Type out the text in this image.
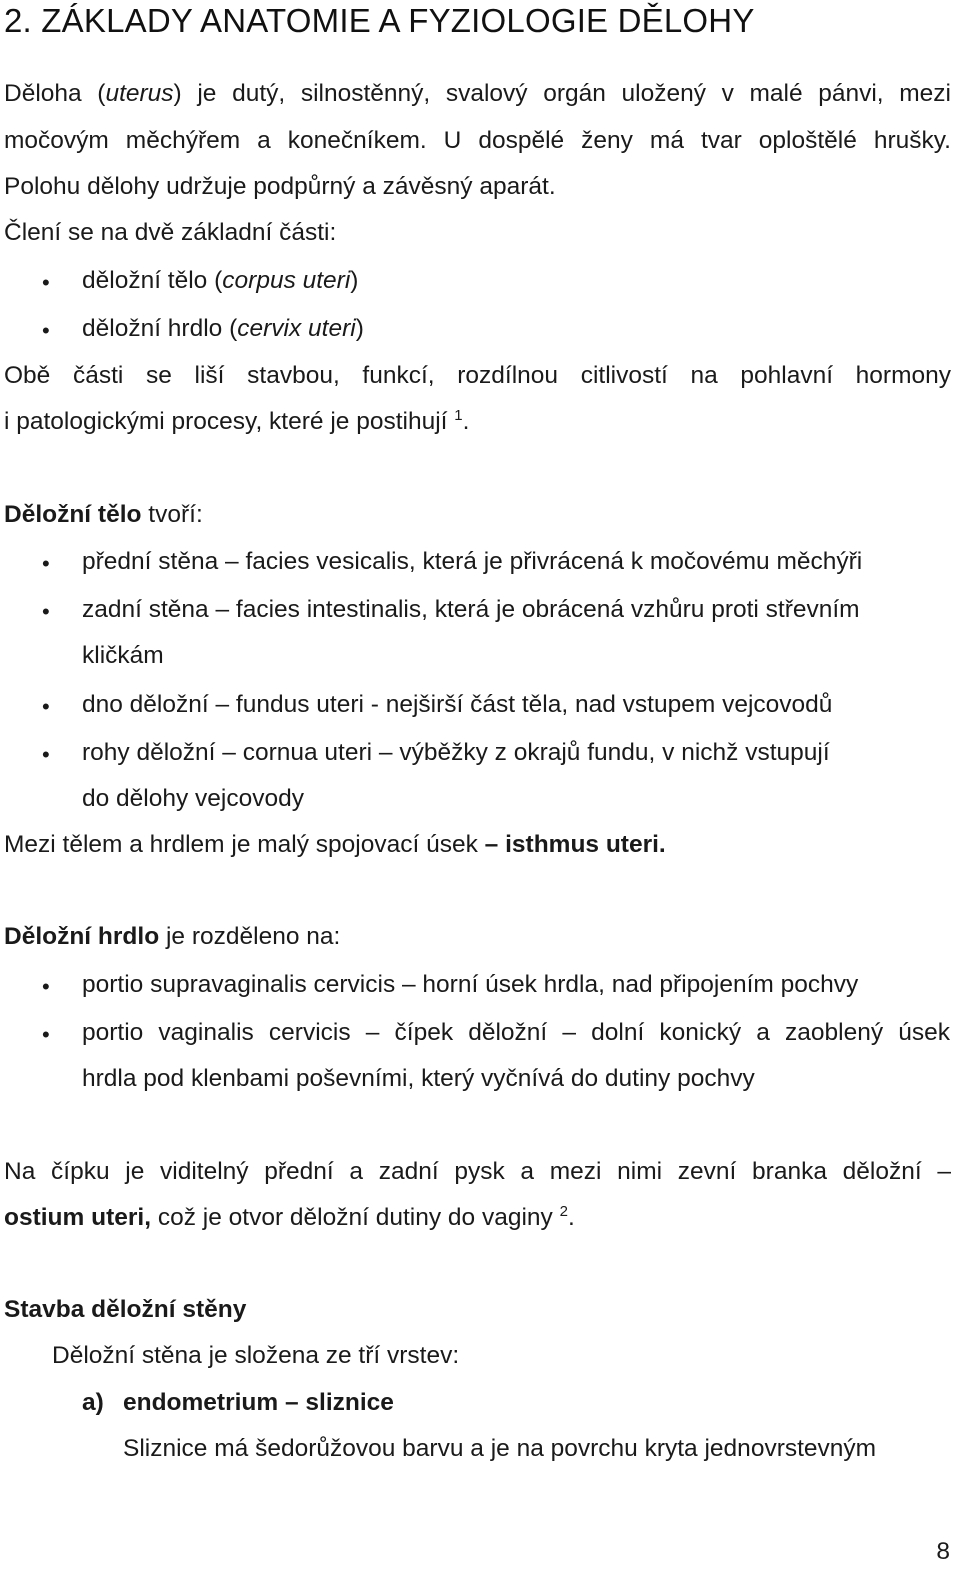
2. ZÁKLADY ANATOMIE A FYZIOLOGIE DĚLOHY
Děloha (uterus) je dutý, silnostěnný, svalový orgán uložený v malé pánvi, mezi
močovým měchýřem a konečníkem. U dospělé ženy má tvar oploštělé hrušky.
Polohu dělohy udržuje podpůrný a závěsný aparát.
Člení se na dvě základní části:
• děložní tělo (corpus uteri)
• děložní hrdlo (cervix uteri)
Obě části se liší stavbou, funkcí, rozdílnou citlivostí na pohlavní hormony
i patologickými procesy, které je postihují $^1$.
Děložní tělo tvoří:
• přední stěna – facies vesicalis, která je přivrácená k močovému měchýři
• zadní stěna – facies intestinalis, která je obrácená vzhůru proti střevním
kličkám
• dno děložní – fundus uteri - nejširší část těla, nad vstupem vejcovodů
• rohy děložní – cornua uteri – výběžky z okrajů fundu, v nichž vstupují
do dělohy vejcovody
Mezi tělem a hrdlem je malý spojovací úsek – isthmus uteri.
Děložní hrdlo je rozděleno na:
• portio supravaginalis cervicis – horní úsek hrdla, nad připojením pochvy
• portio vaginalis cervicis – čípek děložní – dolní konický a zaoblený úsek
hrdla pod klenbami poševními, který vyčnívá do dutiny pochvy
Na čípku je viditelný přední a zadní pysk a mezi nimi zevní branka děložní –
ostium uteri, což je otvor děložní dutiny do vaginy $^2$.
Stavba děložní stěny
Děložní stěna je složena ze tří vrstev:
a) endometrium – sliznice
Sliznice má šedorůžovou barvu a je na povrchu kryta jednovrstevným
8
